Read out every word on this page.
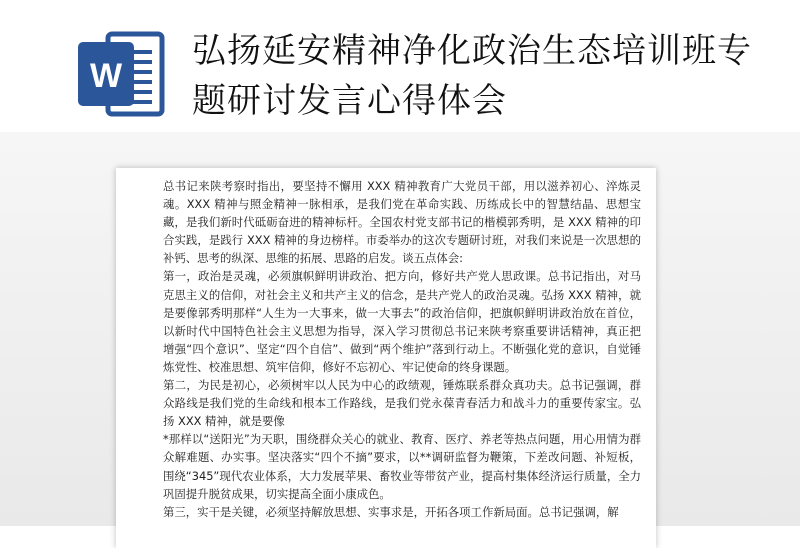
W
弘扬延安精神净化政治生态培训班专题研讨发言心得体会

总书记来陕考察时指出，要坚持不懈用 XXX 精神教育广大党员干部，用以滋养初心、淬炼灵魂。XXX 精神与照金精神一脉相承，是我们党在革命实践、历练成长中的智慧结晶、思想宝藏，是我们新时代砥砺奋进的精神标杆。全国农村党支部书记的楷模郭秀明，是 XXX 精神的印合实践，是践行 XXX 精神的身边榜样。市委举办的这次专题研讨班，对我们来说是一次思想的补钙、思考的纵深、思维的拓展、思路的启发。谈五点体会:

第一，政治是灵魂，必须旗帜鲜明讲政治、把方向，修好共产党人思政课。总书记指出，对马克思主义的信仰，对社会主义和共产主义的信念，是共产党人的政治灵魂。弘扬 XXX 精神，就是要像郭秀明那样“人生为一大事来，做一大事去”的政治信仰，把旗帜鲜明讲政治放在首位，以新时代中国特色社会主义思想为指导，深入学习贯彻总书记来陕考察重要讲话精神，真正把增强“四个意识”、坚定“四个自信”、做到“两个维护”落到行动上。不断强化党的意识，自觉锤炼党性、校准思想、筑牢信仰，修好不忘初心、牢记使命的终身课题。

第二，为民是初心，必须树牢以人民为中心的政绩观，锤炼联系群众真功夫。总书记强调，群众路线是我们党的生命线和根本工作路线，是我们党永葆青春活力和战斗力的重要传家宝。弘扬 XXX 精神，就是要像

*那样以“送阳光”为天职，围绕群众关心的就业、教育、医疗、养老等热点问题，用心用情为群众解难题、办实事。坚决落实“四个不摘”要求，以**调研监督为鞭策，下差改问题、补短板，围绕“345”现代农业体系，大力发展苹果、畜牧业等带贫产业，提高村集体经济运行质量，全力巩固提升脱贫成果，切实提高全面小康成色。

第三，实干是关键，必须坚持解放思想、实事求是，开拓各项工作新局面。总书记强调，解
